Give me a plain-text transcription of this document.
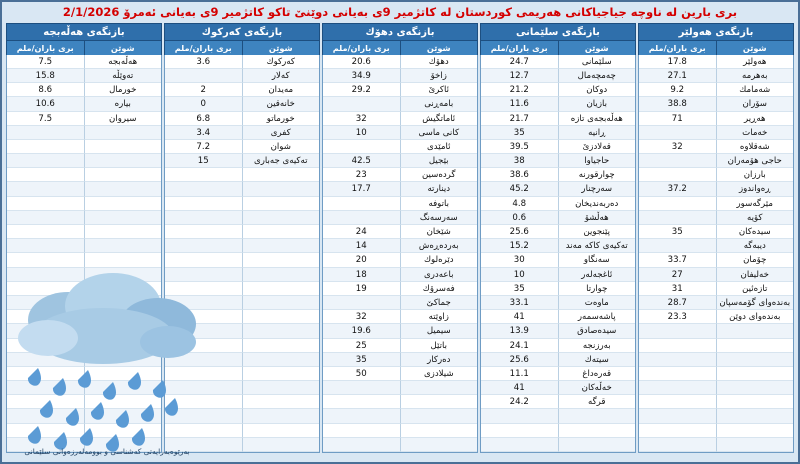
بری بارین له‌ ناوچه‌ جیاجیاكانی هه‌ریمی كوردستان له‌ كاتژمیر 9ی به‌یانی دوێنێ تاكو كاتژمیر 9ی به‌یانی ئه‌مرۆ 2/1/2026
بازنگه‌ی هه‌ڵه‌بجه‌
شوێن
بری باران/ملم
هه‌ڵه‌بجه‌
7.5
تەوێڵە
15.8
خورمال
8.6
بیارە
10.6
سیروان
7.5
بازنگه‌ی كه‌ركوك
شوێن
بری باران/ملم
كه‌ركوك
3.6
كەلار
مەیدان
2
خانەقین
0
خورماتو
6.8
كفری
3.4
شوان
7.2
تەكیەی جەباری
15
بازنگه‌ی دهۆك
شوێن
بری باران/ملم
دهۆك
20.6
زاخۆ
34.9
ئاكرێ
29.2
بامەڕنی
ئاماتگیش
32
كانی ماسی
10
ئامێدی
بێجیل
42.5
گردەسین
23
دینارتە
17.7
باتوفە
سەرسەنگ
شێخان
24
بەردەڕەش
14
دێرەلوك
20
باعەدری
18
فەسرۆك
19
جماكێ
زاوێتە
32
سیمیل
19.6
باتێل
25
دەركار
35
شیلادزی
50
بازنگه‌ی سلێمانی
شوێن
بری باران/ملم
سلێمانی
24.7
چەمچەمال
12.7
دوكان
21.2
بازیان
11.6
هه‌ڵه‌بجه‌ی تازه‌
21.7
ڕانیە
35
قەلادزێ
39.5
حاجیاوا
38
چوارقورنە
38.6
سەرچنار
45.2
دەربەندیخان
4.8
هەڵشۆ
0.6
پێنجوین
25.6
تەكیەی كاكە مەند
15.2
سەنگاو
30
ئاغجەلەر
10
چوارتا
35
ماوەت
33.1
پاشەسمەر
41
سیدەصادق
13.9
بەرزنجە
24.1
سیتەك
25.6
قەرەداغ
11.1
خەڵەكان
41
قرگە
24.2
بازنگه‌ی هه‌ولێر
شوێن
بری باران/ملم
هه‌ولێر
17.8
بەهرمە
27.1
شەمامك
9.2
سۆران
38.8
هەڕیر
71
خەمات
شەقلاوە
32
حاجی هۆمەران
بارزان
ڕەواندوز
37.2
مێرگەسور
كۆیە
سیدەكان
35
دیبەگە
چۆمان
33.7
خەلیفان
27
تازەئین
31
بەندەوای گۆمەسپان
28.7
بەندەوای دوێن
23.3
به‌رێوه‌به‌رایه‌تی كه‌شناسی و بوومه‌له‌رزه‌وانی سلێمانی
